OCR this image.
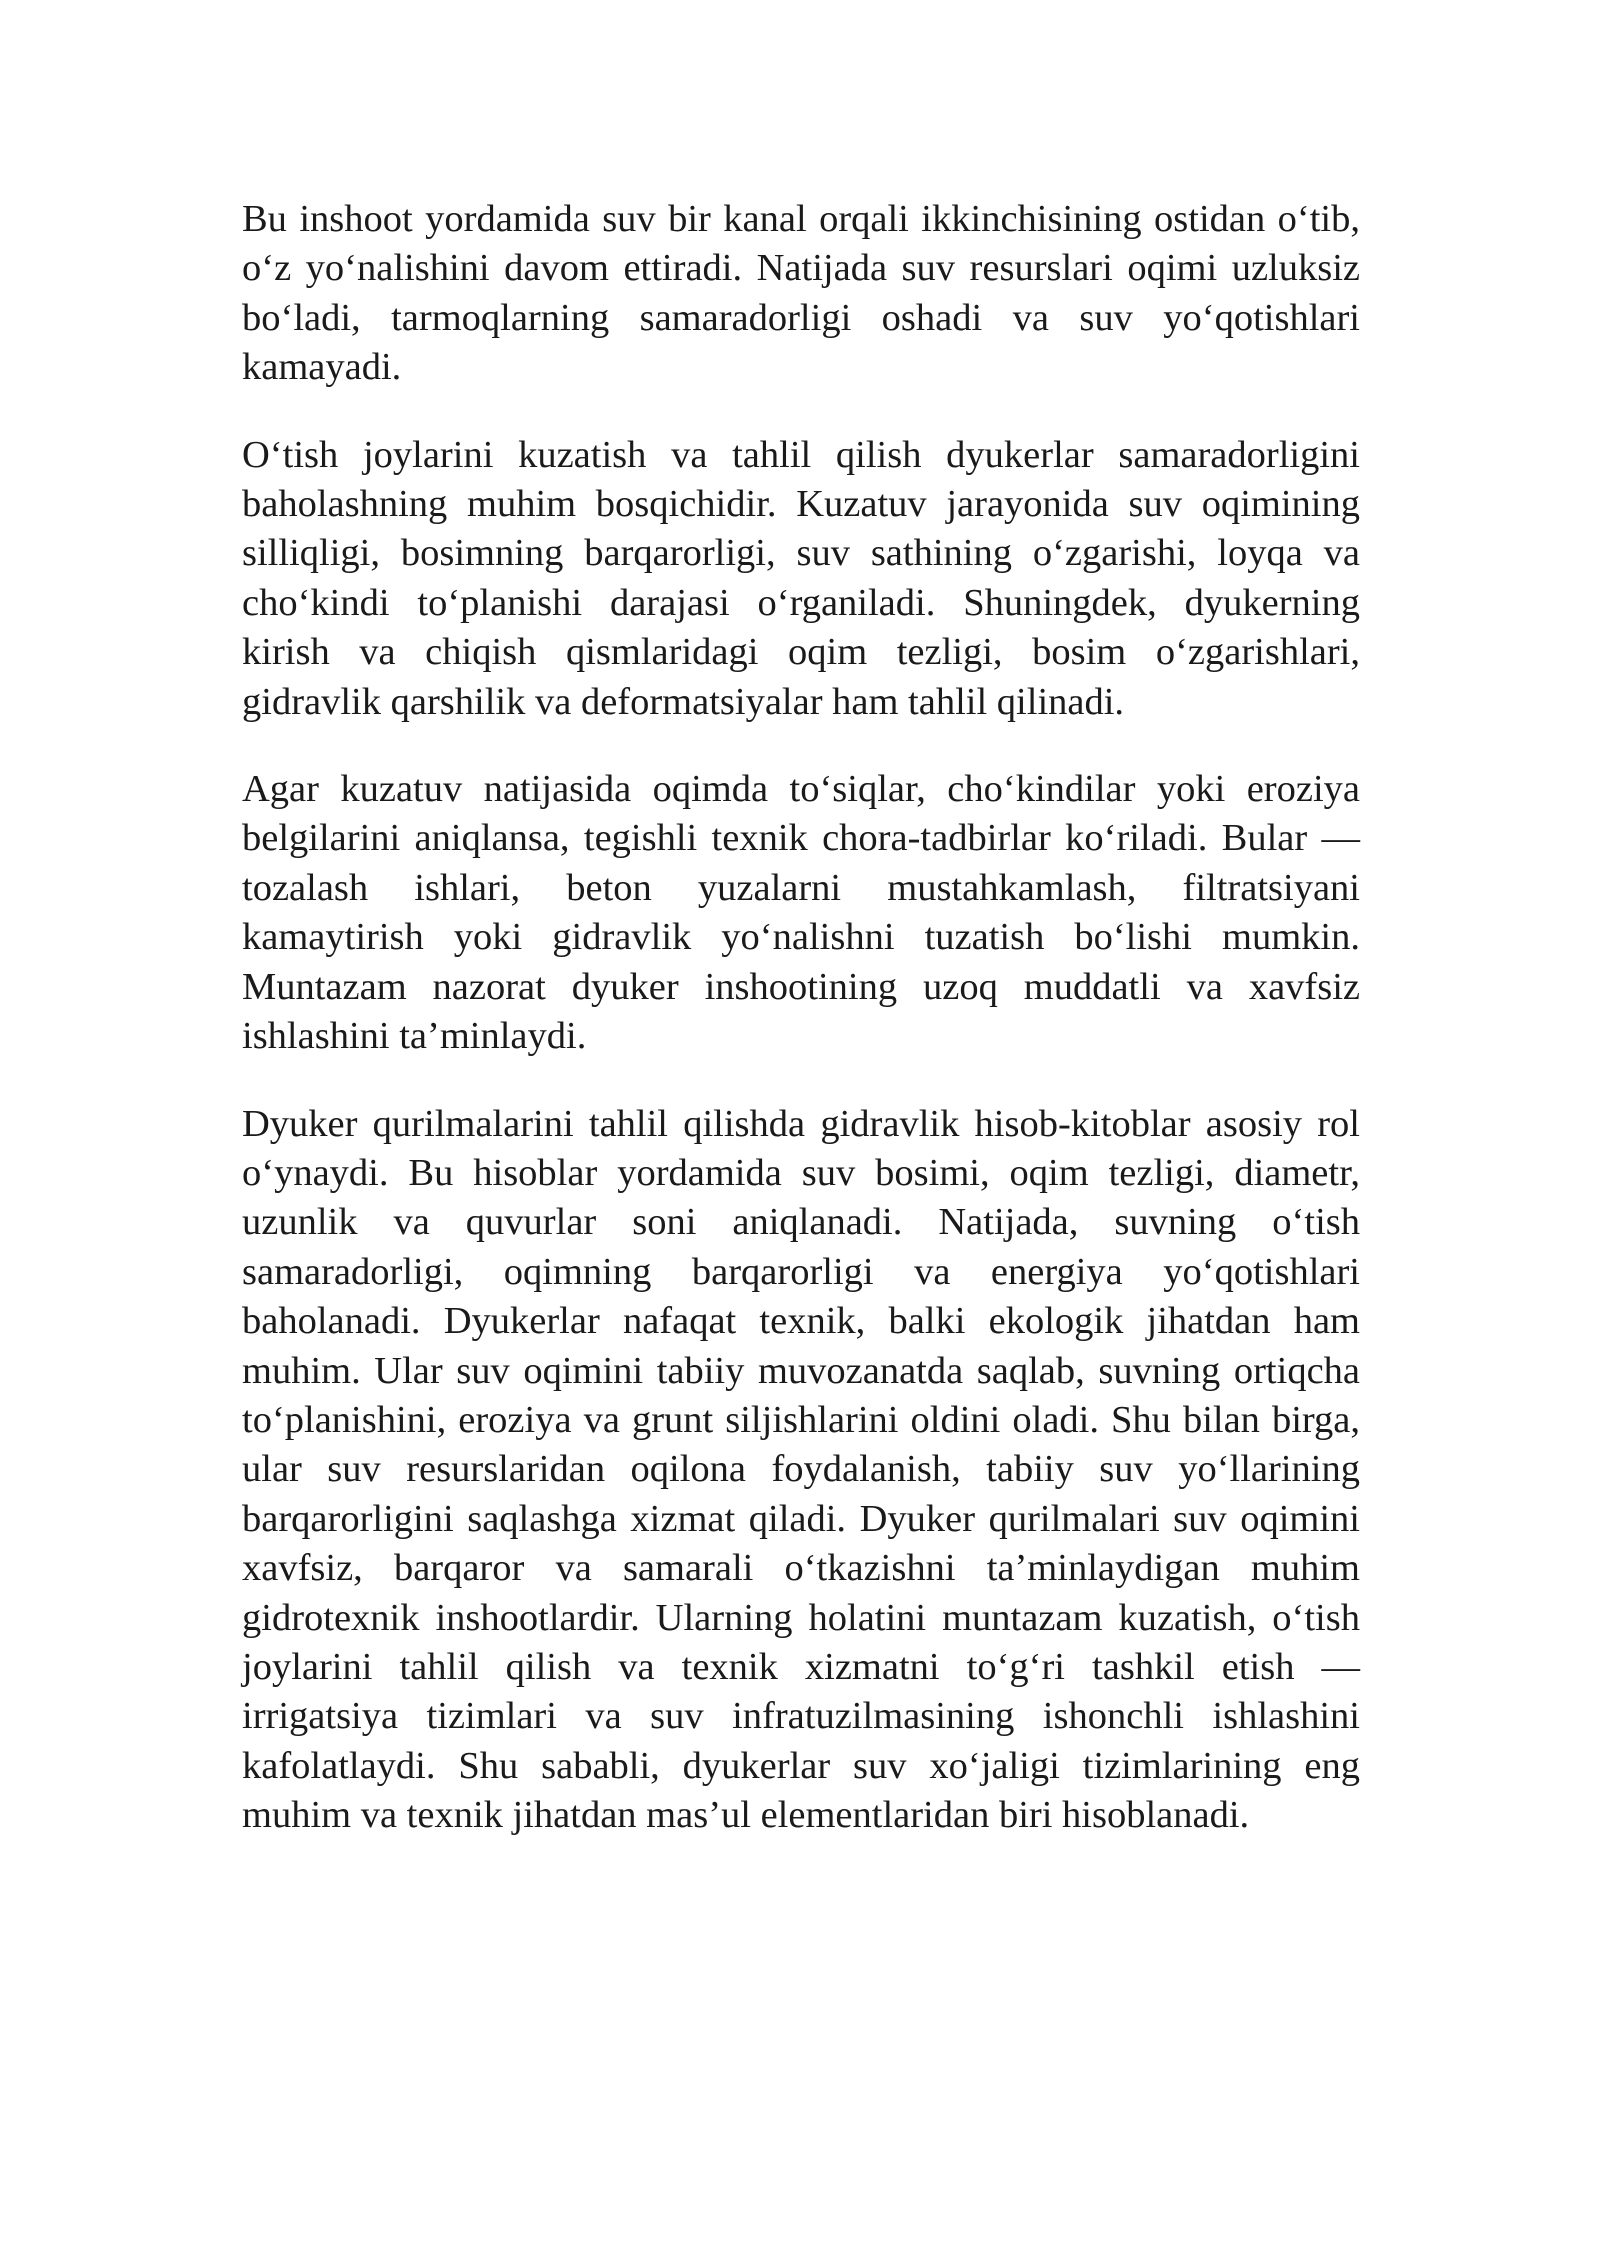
Bu inshoot yordamida suv bir kanal orqali ikkinchisining ostidan o‘tib, o‘z yo‘nalishini davom ettiradi. Natijada suv resurslari oqimi uzluksiz bo‘ladi, tarmoqlarning samaradorligi oshadi va suv yo‘qotishlari kamayadi.

O‘tish joylarini kuzatish va tahlil qilish dyukerlar samaradorligini baholashning muhim bosqichidir. Kuzatuv jarayonida suv oqimining silliqligi, bosimning barqarorligi, suv sathining o‘zgarishi, loyqa va cho‘kindi to‘planishi darajasi o‘rganiladi. Shuningdek, dyukerning kirish va chiqish qismlaridagi oqim tezligi, bosim o‘zgarishlari, gidravlik qarshilik va deformatsiyalar ham tahlil qilinadi.

Agar kuzatuv natijasida oqimda to‘siqlar, cho‘kindilar yoki eroziya belgilarini aniqlansa, tegishli texnik chora-tadbirlar ko‘riladi. Bular — tozalash ishlari, beton yuzalarni mustahkamlash, filtratsiyani kamaytirish yoki gidravlik yo‘nalishni tuzatish bo‘lishi mumkin. Muntazam nazorat dyuker inshootining uzoq muddatli va xavfsiz ishlashini ta’minlaydi.

Dyuker qurilmalarini tahlil qilishda gidravlik hisob-kitoblar asosiy rol o‘ynaydi. Bu hisoblar yordamida suv bosimi, oqim tezligi, diametr, uzunlik va quvurlar soni aniqlanadi. Natijada, suvning o‘tish samaradorligi, oqimning barqarorligi va energiya yo‘qotishlari baholanadi. Dyukerlar nafaqat texnik, balki ekologik jihatdan ham muhim. Ular suv oqimini tabiiy muvozanatda saqlab, suvning ortiqcha to‘planishini, eroziya va grunt siljishlarini oldini oladi. Shu bilan birga, ular suv resurslaridan oqilona foydalanish, tabiiy suv yo‘llarining barqarorligini saqlashga xizmat qiladi. Dyuker qurilmalari suv oqimini xavfsiz, barqaror va samarali o‘tkazishni ta’minlaydigan muhim gidrotexnik inshootlardir. Ularning holatini muntazam kuzatish, o‘tish joylarini tahlil qilish va texnik xizmatni to‘g‘ri tashkil etish — irrigatsiya tizimlari va suv infratuzilmasining ishonchli ishlashini kafolatlaydi. Shu sababli, dyukerlar suv xo‘jaligi tizimlarining eng muhim va texnik jihatdan mas’ul elementlaridan biri hisoblanadi.
